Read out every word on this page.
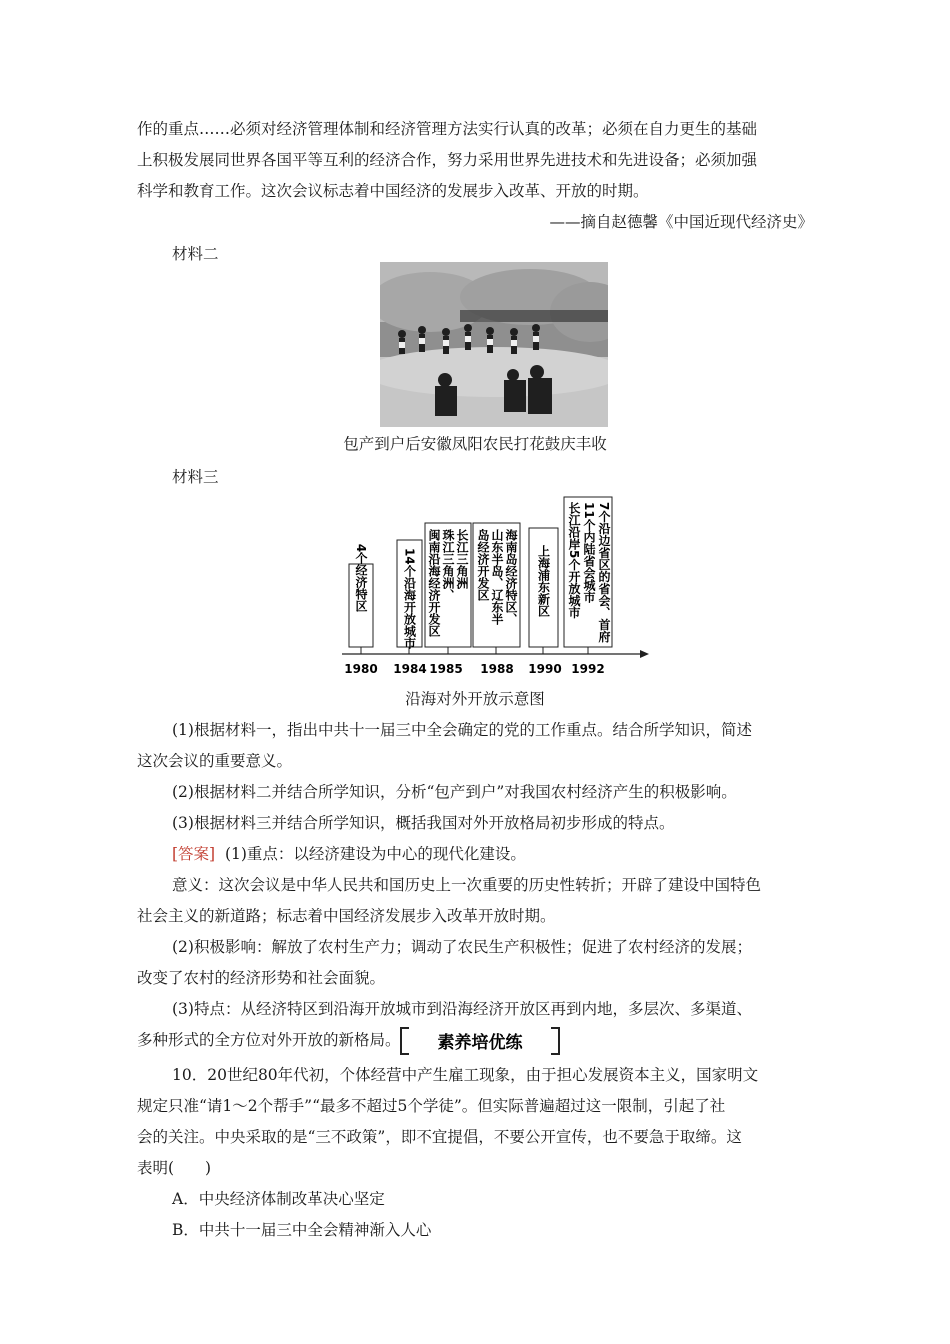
作的重点……必须对经济管理体制和经济管理方法实行认真的改革；必须在自力更生的基础

上积极发展同世界各国平等互利的经济合作，努力采用世界先进技术和先进设备；必须加强

科学和教育工作。这次会议标志着中国经济的发展步入改革、开放的时期。

——摘自赵德馨《中国近现代经济史》

材料二

包产到户后安徽凤阳农民打花鼓庆丰收

材料三

4个经济特区
1980
14个沿海开放城市
1984
长江三角洲
珠江三角洲、
闽南沿海经济开发区
1985
海南岛经济特区、
山东半岛、辽东半
岛经济开发区
1988
上海浦东新区
1990
7个沿边省区的省会、首府
11个内陆省会城市
长江沿岸5个开放城市
1992

沿海对外开放示意图

(1)根据材料一，指出中共十一届三中全会确定的党的工作重点。结合所学知识，简述

这次会议的重要意义。

(2)根据材料二并结合所学知识，分析“包产到户”对我国农村经济产生的积极影响。

(3)根据材料三并结合所学知识，概括我国对外开放格局初步形成的特点。

[答案] (1)重点：以经济建设为中心的现代化建设。

意义：这次会议是中华人民共和国历史上一次重要的历史性转折；开辟了建设中国特色

社会主义的新道路；标志着中国经济发展步入改革开放时期。

(2)积极影响：解放了农村生产力；调动了农民生产积极性；促进了农村经济的发展；

改变了农村的经济形势和社会面貌。

(3)特点：从经济特区到沿海开放城市到沿海经济开放区再到内地，多层次、多渠道、

多种形式的全方位对外开放的新格局。	素养培优练

10．20世纪80年代初，个体经营中产生雇工现象，由于担心发展资本主义，国家明文

规定只准“请1～2个帮手”“最多不超过5个学徒”。但实际普遍超过这一限制，引起了社

会的关注。中央采取的是“三不政策”，即不宜提倡，不要公开宣传，也不要急于取缔。这

表明(　　)

A．中央经济体制改革决心坚定

B．中共十一届三中全会精神渐入人心
